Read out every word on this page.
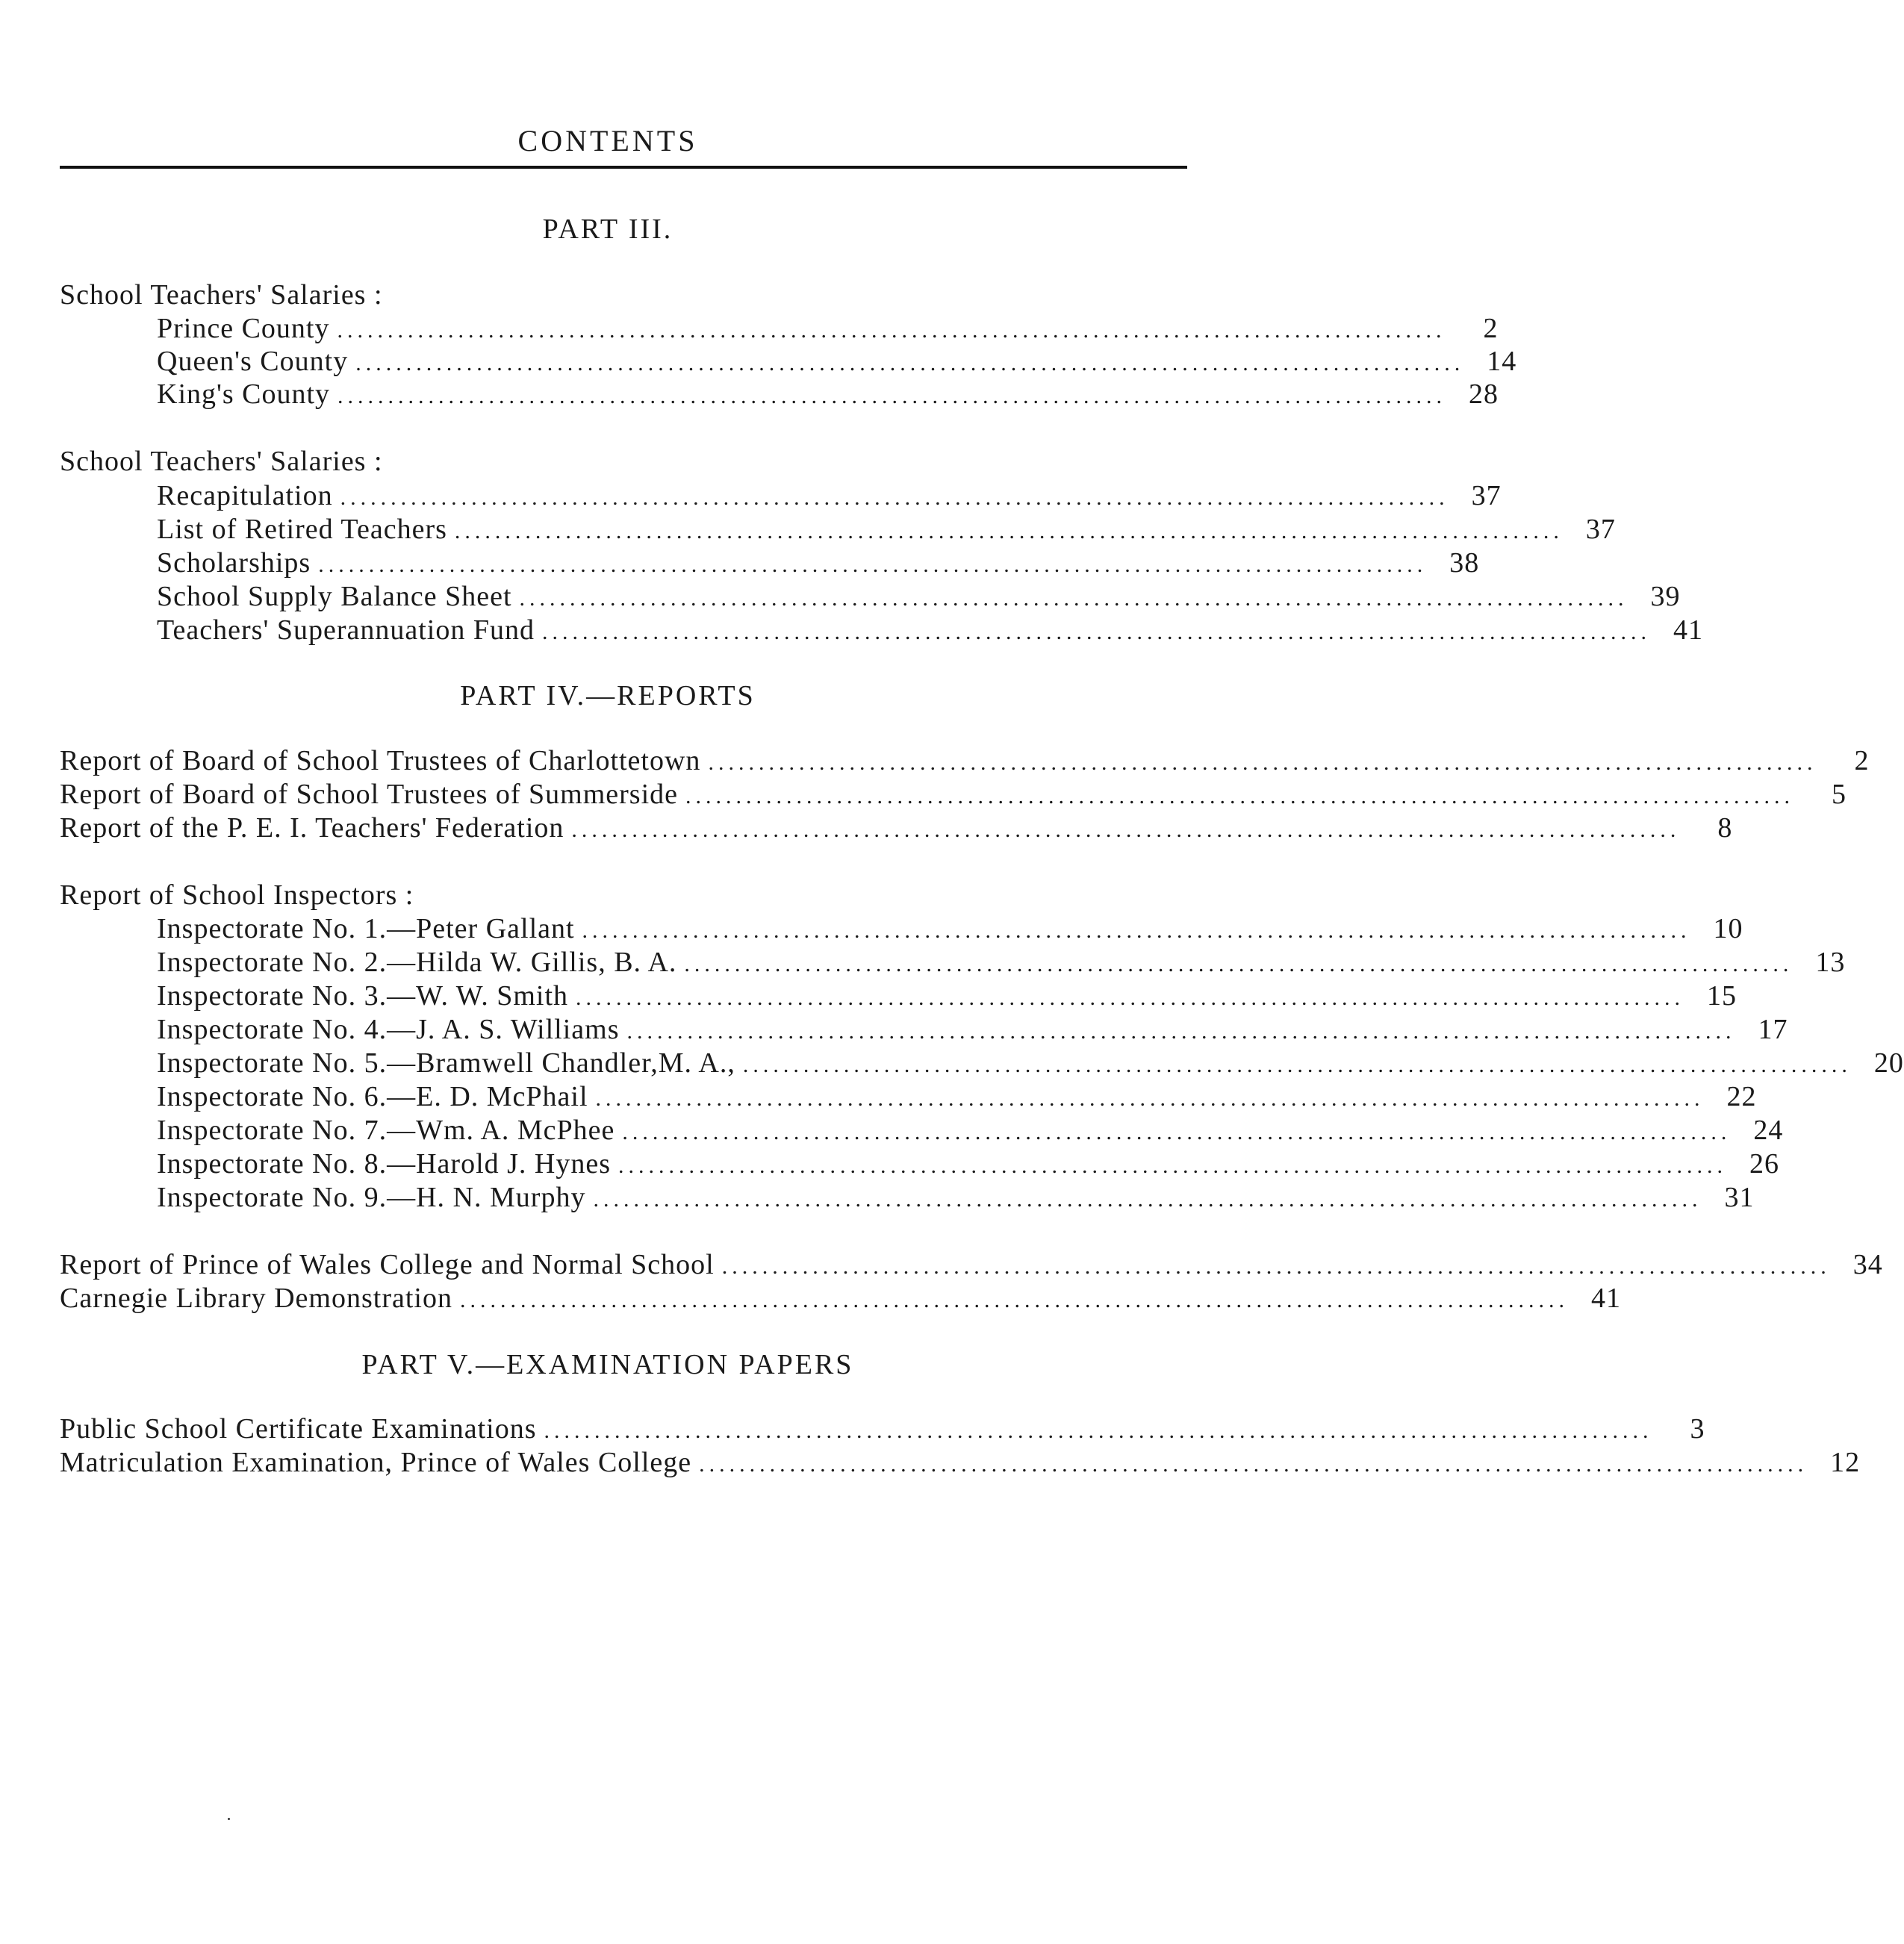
CONTENTS
PART III.
School Teachers' Salaries :
Prince County ..............................................................................................................	2
Queen's County .............................................................................................................. 14
King's County .............................................................................................................. 28
School Teachers' Salaries :
Recapitulation .............................................................................................................. 37
List of Retired Teachers .............................................................................................................. 37
Scholarships .............................................................................................................. 38
School Supply Balance Sheet .............................................................................................................. 39
Teachers' Superannuation Fund .............................................................................................................. 41
PART IV.—REPORTS
Report of Board of School Trustees of Charlottetown ..............................................................................................................	2
Report of Board of School Trustees of Summerside ..............................................................................................................	5
Report of the P. E. I. Teachers' Federation ..............................................................................................................	8
Report of School Inspectors :
Inspectorate No. 1.—Peter Gallant .............................................................................................................. 10
Inspectorate No. 2.—Hilda W. Gillis, B. A. .............................................................................................................. 13
Inspectorate No. 3.—W. W. Smith .............................................................................................................. 15
Inspectorate No. 4.—J. A. S. Williams .............................................................................................................. 17
Inspectorate No. 5.—Bramwell Chandler,M. A., .............................................................................................................. 20
Inspectorate No. 6.—E. D. McPhail .............................................................................................................. 22
Inspectorate No. 7.—Wm. A. McPhee .............................................................................................................. 24
Inspectorate No. 8.—Harold J. Hynes .............................................................................................................. 26
Inspectorate No. 9.—H. N. Murphy .............................................................................................................. 31
Report of Prince of Wales College and Normal School .............................................................................................................. 34
Carnegie Library Demonstration .............................................................................................................. 41
PART V.—EXAMINATION PAPERS
Public School Certificate Examinations ..............................................................................................................	3
Matriculation Examination, Prince of Wales College .............................................................................................................. 12
